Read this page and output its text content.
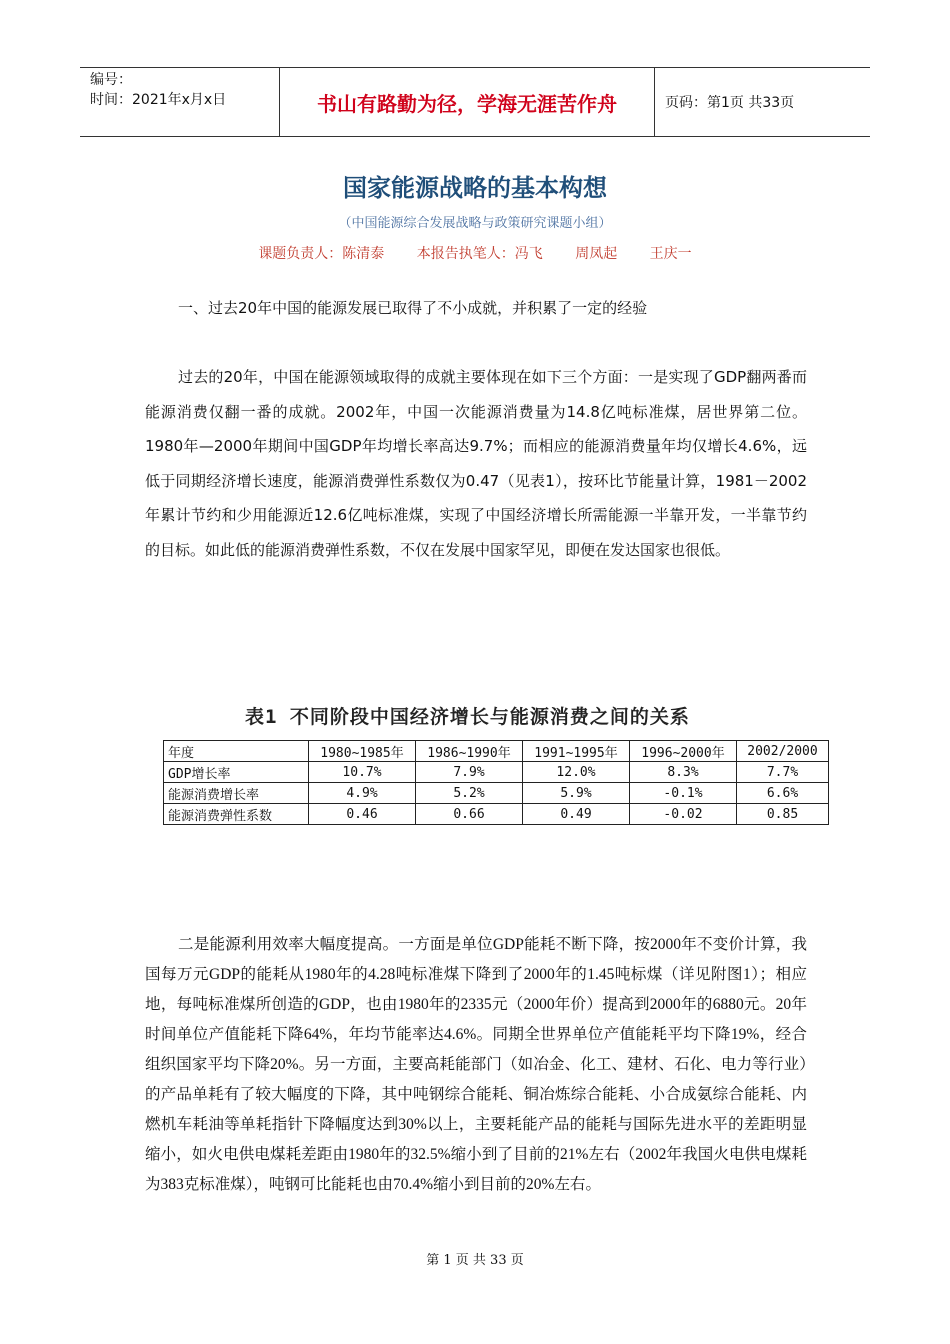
编号：
时间：2021年x月x日	书山有路勤为径，学海无涯苦作舟	页码：第1页 共33页
国家能源战略的基本构想
（中国能源综合发展战略与政策研究课题小组）
课题负责人：陈清泰 本报告执笔人：冯飞 周凤起 王庆一
一、过去20年中国的能源发展已取得了不小成就，并积累了一定的经验
过去的20年，中国在能源领域取得的成就主要体现在如下三个方面：一是实现了GDP翻两番而能源消费仅翻一番的成就。2002年，中国一次能源消费量为14.8亿吨标准煤，居世界第二位。1980年—2000年期间中国GDP年均增长率高达9.7%；而相应的能源消费量年均仅增长4.6%，远低于同期经济增长速度，能源消费弹性系数仅为0.47（见表1），按环比节能量计算，1981－2002年累计节约和少用能源近12.6亿吨标准煤，实现了中国经济增长所需能源一半靠开发，一半靠节约的目标。如此低的能源消费弹性系数，不仅在发展中国家罕见，即便在发达国家也很低。
表1 不同阶段中国经济增长与能源消费之间的关系
年度	1980~1985年	1986~1990年	1991~1995年	1996~2000年	2002/2000
GDP增长率	10.7%	7.9%	12.0%	8.3%	7.7%
能源消费增长率	4.9%	5.2%	5.9%	-0.1%	6.6%
能源消费弹性系数	0.46	0.66	0.49	-0.02	0.85
二是能源利用效率大幅度提高。一方面是单位GDP能耗不断下降，按2000年不变价计算，我国每万元GDP的能耗从1980年的4.28吨标准煤下降到了2000年的1.45吨标煤（详见附图1）；相应地，每吨标准煤所创造的GDP，也由1980年的2335元（2000年价）提高到2000年的6880元。20年时间单位产值能耗下降64%，年均节能率达4.6%。同期全世界单位产值能耗平均下降19%，经合组织国家平均下降20%。另一方面，主要高耗能部门（如冶金、化工、建材、石化、电力等行业）的产品单耗有了较大幅度的下降，其中吨钢综合能耗、铜冶炼综合能耗、小合成氨综合能耗、内燃机车耗油等单耗指针下降幅度达到30%以上，主要耗能产品的能耗与国际先进水平的差距明显缩小，如火电供电煤耗差距由1980年的32.5%缩小到了目前的21%左右（2002年我国火电供电煤耗为383克标准煤），吨钢可比能耗也由70.4%缩小到目前的20%左右。
第 1 页 共 33 页
